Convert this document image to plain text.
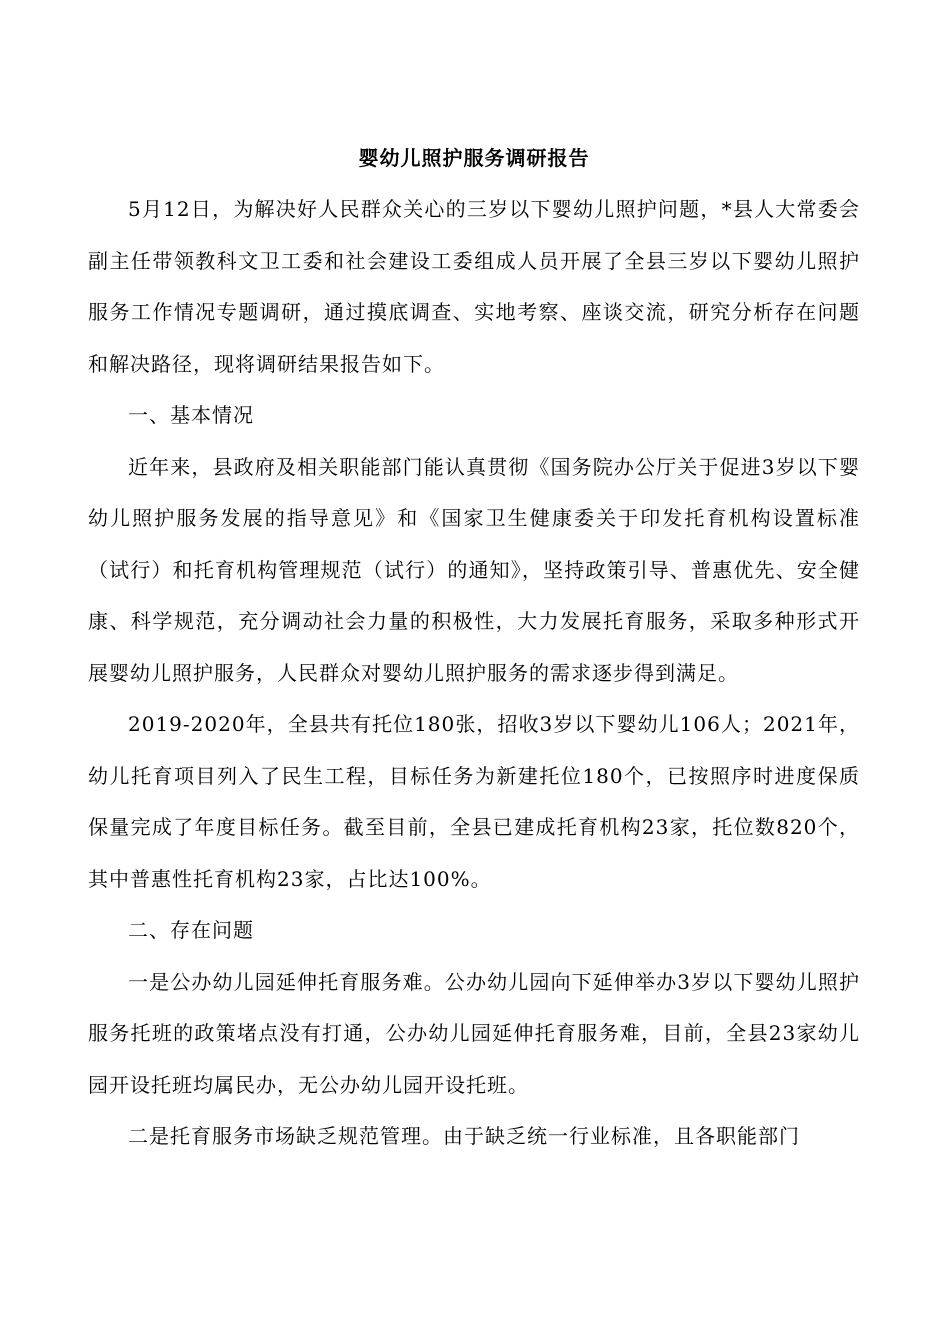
婴幼儿照护服务调研报告

5月12日，为解决好人民群众关心的三岁以下婴幼儿照护问题，*县人大常委会副主任带领教科文卫工委和社会建设工委组成人员开展了全县三岁以下婴幼儿照护服务工作情况专题调研，通过摸底调查、实地考察、座谈交流，研究分析存在问题和解决路径，现将调研结果报告如下。

一、基本情况

近年来，县政府及相关职能部门能认真贯彻《国务院办公厅关于促进3岁以下婴幼儿照护服务发展的指导意见》和《国家卫生健康委关于印发托育机构设置标准（试行）和托育机构管理规范（试行）的通知》，坚持政策引导、普惠优先、安全健康、科学规范，充分调动社会力量的积极性，大力发展托育服务，采取多种形式开展婴幼儿照护服务，人民群众对婴幼儿照护服务的需求逐步得到满足。

2019-2020年，全县共有托位180张，招收3岁以下婴幼儿106人；2021年，幼儿托育项目列入了民生工程，目标任务为新建托位180个，已按照序时进度保质保量完成了年度目标任务。截至目前，全县已建成托育机构23家，托位数820个，其中普惠性托育机构23家，占比达100%。

二、存在问题

一是公办幼儿园延伸托育服务难。公办幼儿园向下延伸举办3岁以下婴幼儿照护服务托班的政策堵点没有打通，公办幼儿园延伸托育服务难，目前，全县23家幼儿园开设托班均属民办，无公办幼儿园开设托班。

二是托育服务市场缺乏规范管理。由于缺乏统一行业标准，且各职能部门
